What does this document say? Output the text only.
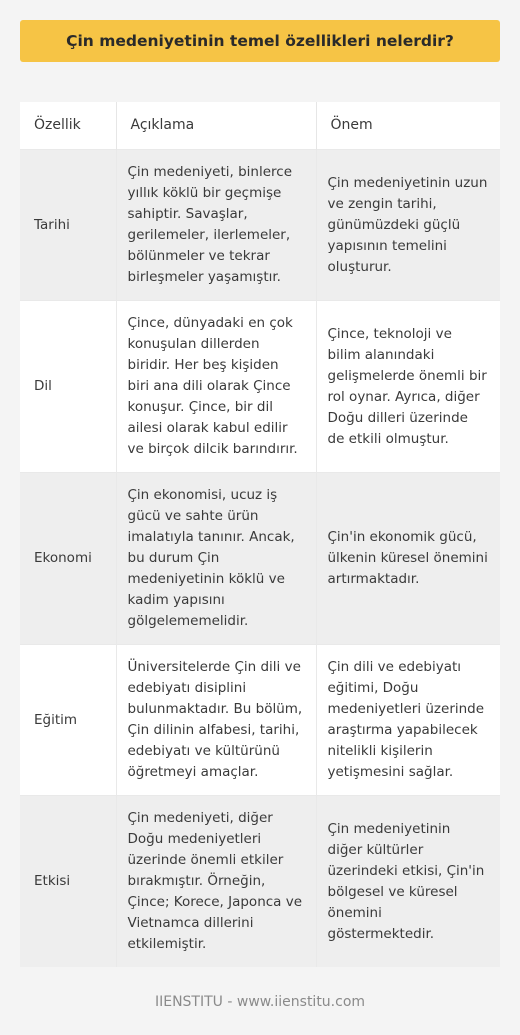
Çin medeniyetinin temel özellikleri nelerdir?
Özellik	Açıklama	Önem
Tarihi	Çin medeniyeti, binlerce yıllık köklü bir geçmişe sahiptir. Savaşlar, gerilemeler, ilerlemeler, bölünmeler ve tekrar birleşmeler yaşamıştır.	Çin medeniyetinin uzun ve zengin tarihi, günümüzdeki güçlü yapısının temelini oluşturur.
Dil	Çince, dünyadaki en çok konuşulan dillerden biridir. Her beş kişiden biri ana dili olarak Çince konuşur. Çince, bir dil ailesi olarak kabul edilir ve birçok dilcik barındırır.	Çince, teknoloji ve bilim alanındaki gelişmelerde önemli bir rol oynar. Ayrıca, diğer Doğu dilleri üzerinde de etkili olmuştur.
Ekonomi	Çin ekonomisi, ucuz iş gücü ve sahte ürün imalatıyla tanınır. Ancak, bu durum Çin medeniyetinin köklü ve kadim yapısını gölgelememelidir.	Çin'in ekonomik gücü, ülkenin küresel önemini artırmaktadır.
Eğitim	Üniversitelerde Çin dili ve edebiyatı disiplini bulunmaktadır. Bu bölüm, Çin dilinin alfabesi, tarihi, edebiyatı ve kültürünü öğretmeyi amaçlar.	Çin dili ve edebiyatı eğitimi, Doğu medeniyetleri üzerinde araştırma yapabilecek nitelikli kişilerin yetişmesini sağlar.
Etkisi	Çin medeniyeti, diğer Doğu medeniyetleri üzerinde önemli etkiler bırakmıştır. Örneğin, Çince; Korece, Japonca ve Vietnamca dillerini etkilemiştir.	Çin medeniyetinin diğer kültürler üzerindeki etkisi, Çin'in bölgesel ve küresel önemini göstermektedir.
IIENSTITU - www.iienstitu.com
